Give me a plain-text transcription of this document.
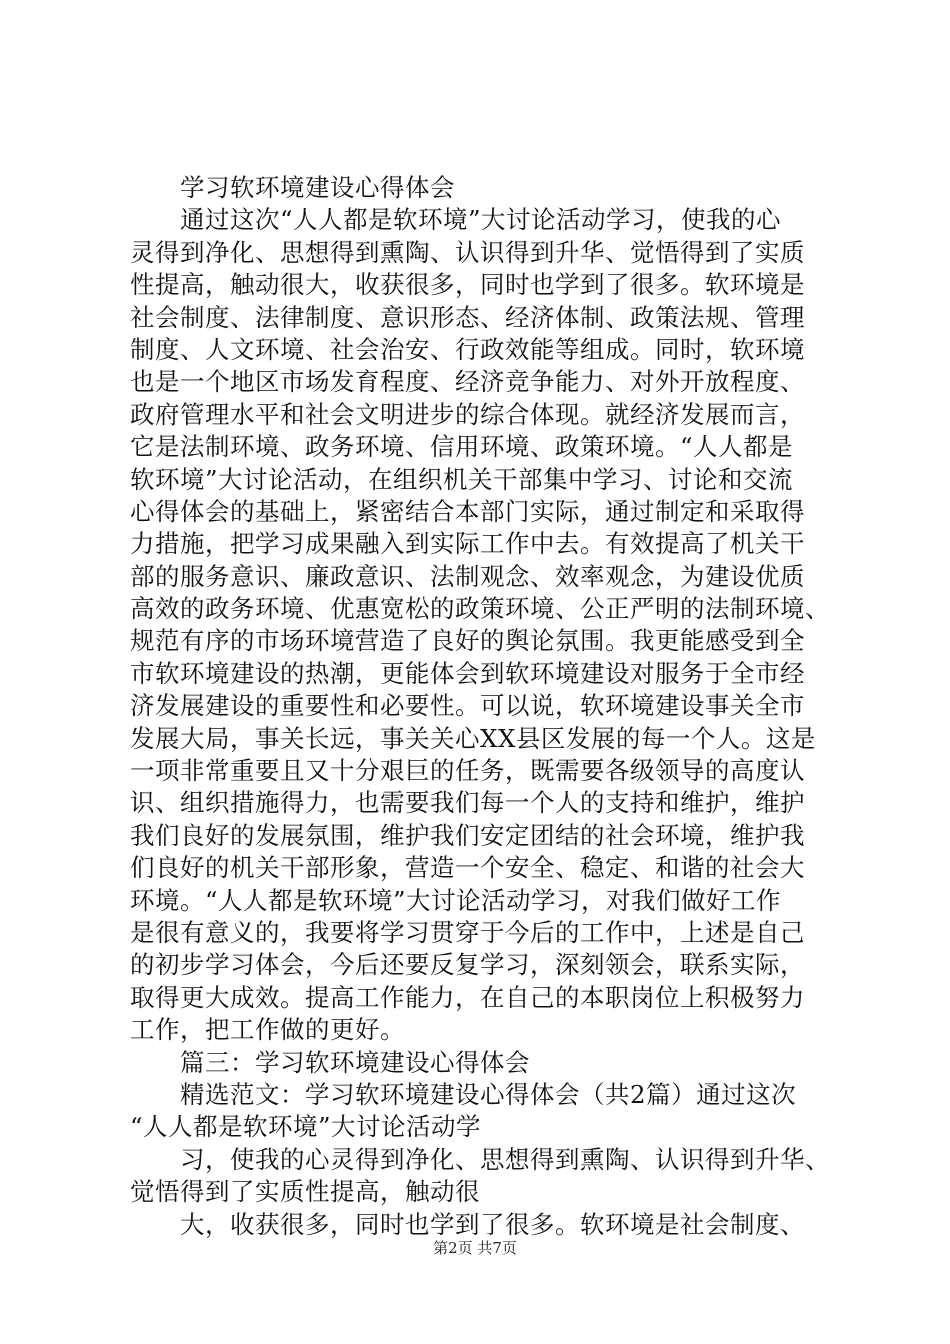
　　学习软环境建设心得体会
　　通过这次“人人都是软环境”大讨论活动学习，使我的心
灵得到净化、思想得到熏陶、认识得到升华、觉悟得到了实质
性提高，触动很大，收获很多，同时也学到了很多。软环境是
社会制度、法律制度、意识形态、经济体制、政策法规、管理
制度、人文环境、社会治安、行政效能等组成。同时，软环境
也是一个地区市场发育程度、经济竞争能力、对外开放程度、
政府管理水平和社会文明进步的综合体现。就经济发展而言，
它是法制环境、政务环境、信用环境、政策环境。“人人都是
软环境”大讨论活动，在组织机关干部集中学习、讨论和交流
心得体会的基础上，紧密结合本部门实际，通过制定和采取得
力措施，把学习成果融入到实际工作中去。有效提高了机关干
部的服务意识、廉政意识、法制观念、效率观念，为建设优质
高效的政务环境、优惠宽松的政策环境、公正严明的法制环境、
规范有序的市场环境营造了良好的舆论氛围。我更能感受到全
市软环境建设的热潮，更能体会到软环境建设对服务于全市经
济发展建设的重要性和必要性。可以说，软环境建设事关全市
发展大局，事关长远，事关关心XX县区发展的每一个人。这是
一项非常重要且又十分艰巨的任务，既需要各级领导的高度认
识、组织措施得力，也需要我们每一个人的支持和维护，维护
我们良好的发展氛围，维护我们安定团结的社会环境，维护我
们良好的机关干部形象，营造一个安全、稳定、和谐的社会大
环境。“人人都是软环境”大讨论活动学习，对我们做好工作
是很有意义的，我要将学习贯穿于今后的工作中，上述是自己
的初步学习体会，今后还要反复学习，深刻领会，联系实际，
取得更大成效。提高工作能力，在自己的本职岗位上积极努力
工作，把工作做的更好。
　　篇三：学习软环境建设心得体会
　　精选范文：学习软环境建设心得体会（共2篇）通过这次
“人人都是软环境”大讨论活动学
　　习，使我的心灵得到净化、思想得到熏陶、认识得到升华、
觉悟得到了实质性提高，触动很
　　大，收获很多，同时也学到了很多。软环境是社会制度、
第2页 共7页
